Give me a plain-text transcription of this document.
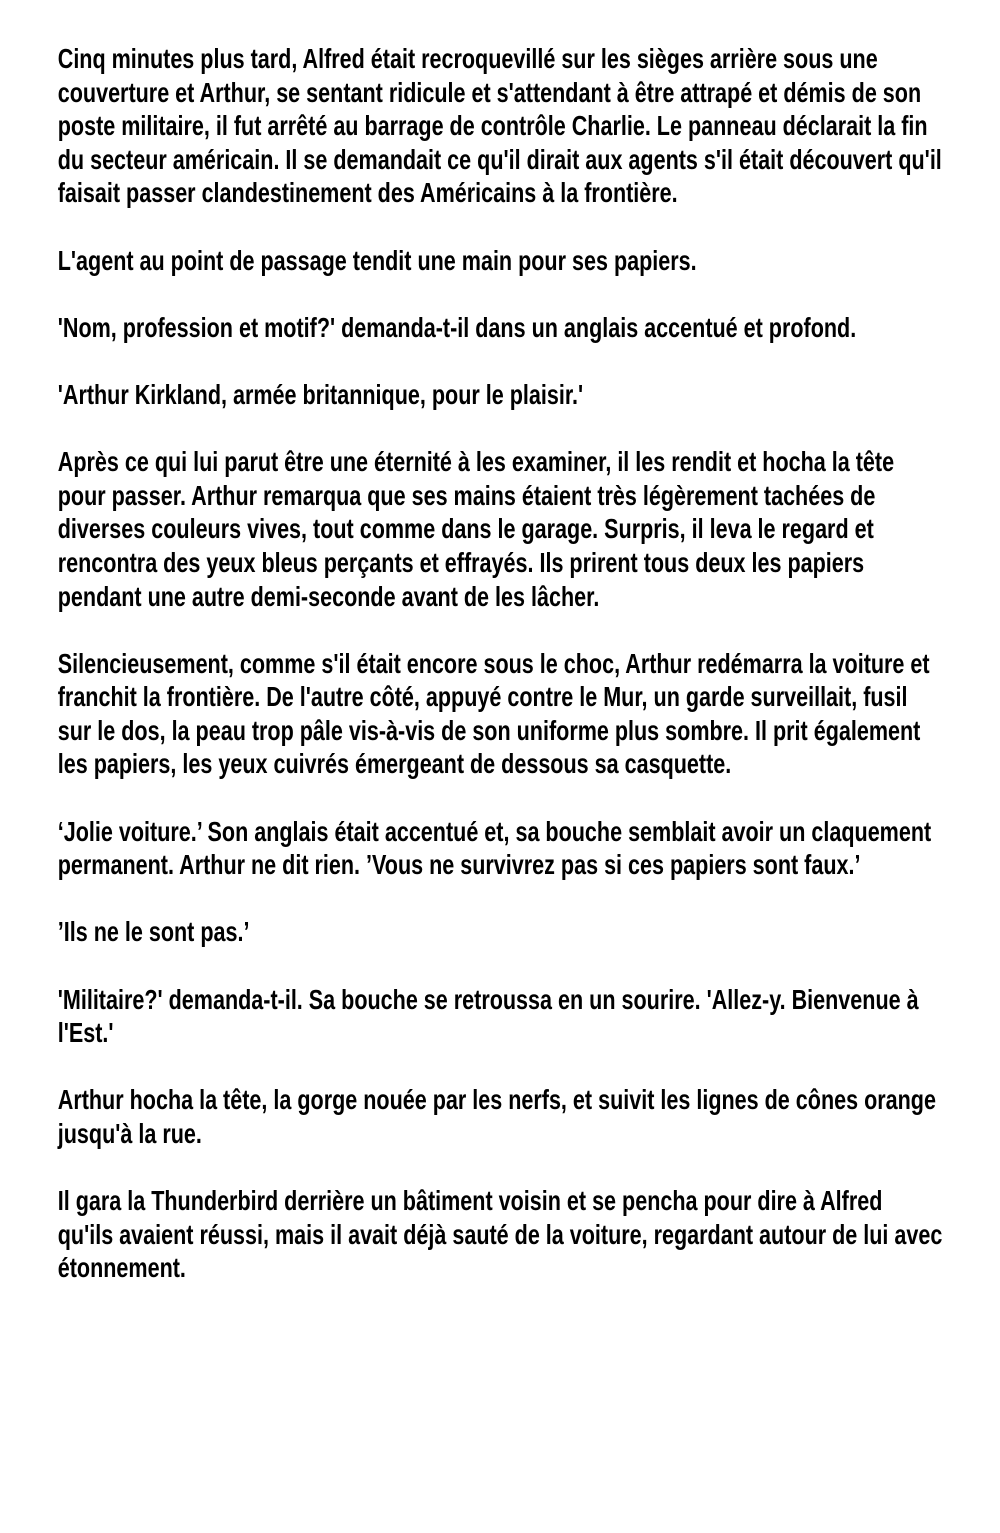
Cinq minutes plus tard, Alfred était recroquevillé sur les sièges arrière sous une couverture et Arthur, se sentant ridicule et s'attendant à être attrapé et démis de son poste militaire, il fut arrêté au barrage de contrôle Charlie. Le panneau déclarait la fin du secteur américain. Il se demandait ce qu'il dirait aux agents s'il était découvert qu'il faisait passer clandestinement des Américains à la frontière.

L'agent au point de passage tendit une main pour ses papiers.

'Nom, profession et motif?' demanda-t-il dans un anglais accentué et profond.

'Arthur Kirkland, armée britannique, pour le plaisir.'

Après ce qui lui parut être une éternité à les examiner, il les rendit et hocha la tête pour passer. Arthur remarqua que ses mains étaient très légèrement tachées de diverses couleurs vives, tout comme dans le garage. Surpris, il leva le regard et rencontra des yeux bleus perçants et effrayés. Ils prirent tous deux les papiers pendant une autre demi-seconde avant de les lâcher.

Silencieusement, comme s'il était encore sous le choc, Arthur redémarra la voiture et franchit la frontière. De l'autre côté, appuyé contre le Mur, un garde surveillait, fusil sur le dos, la peau trop pâle vis-à-vis de son uniforme plus sombre. Il prit également les papiers, les yeux cuivrés émergeant de dessous sa casquette.

‘Jolie voiture.’ Son anglais était accentué et, sa bouche semblait avoir un claquement permanent. Arthur ne dit rien. ’Vous ne survivrez pas si ces papiers sont faux.’

’Ils ne le sont pas.’

'Militaire?' demanda-t-il. Sa bouche se retroussa en un sourire. 'Allez-y. Bienvenue à l'Est.'

Arthur hocha la tête, la gorge nouée par les nerfs, et suivit les lignes de cônes orange jusqu'à la rue.

Il gara la Thunderbird derrière un bâtiment voisin et se pencha pour dire à Alfred qu'ils avaient réussi, mais il avait déjà sauté de la voiture, regardant autour de lui avec étonnement.
